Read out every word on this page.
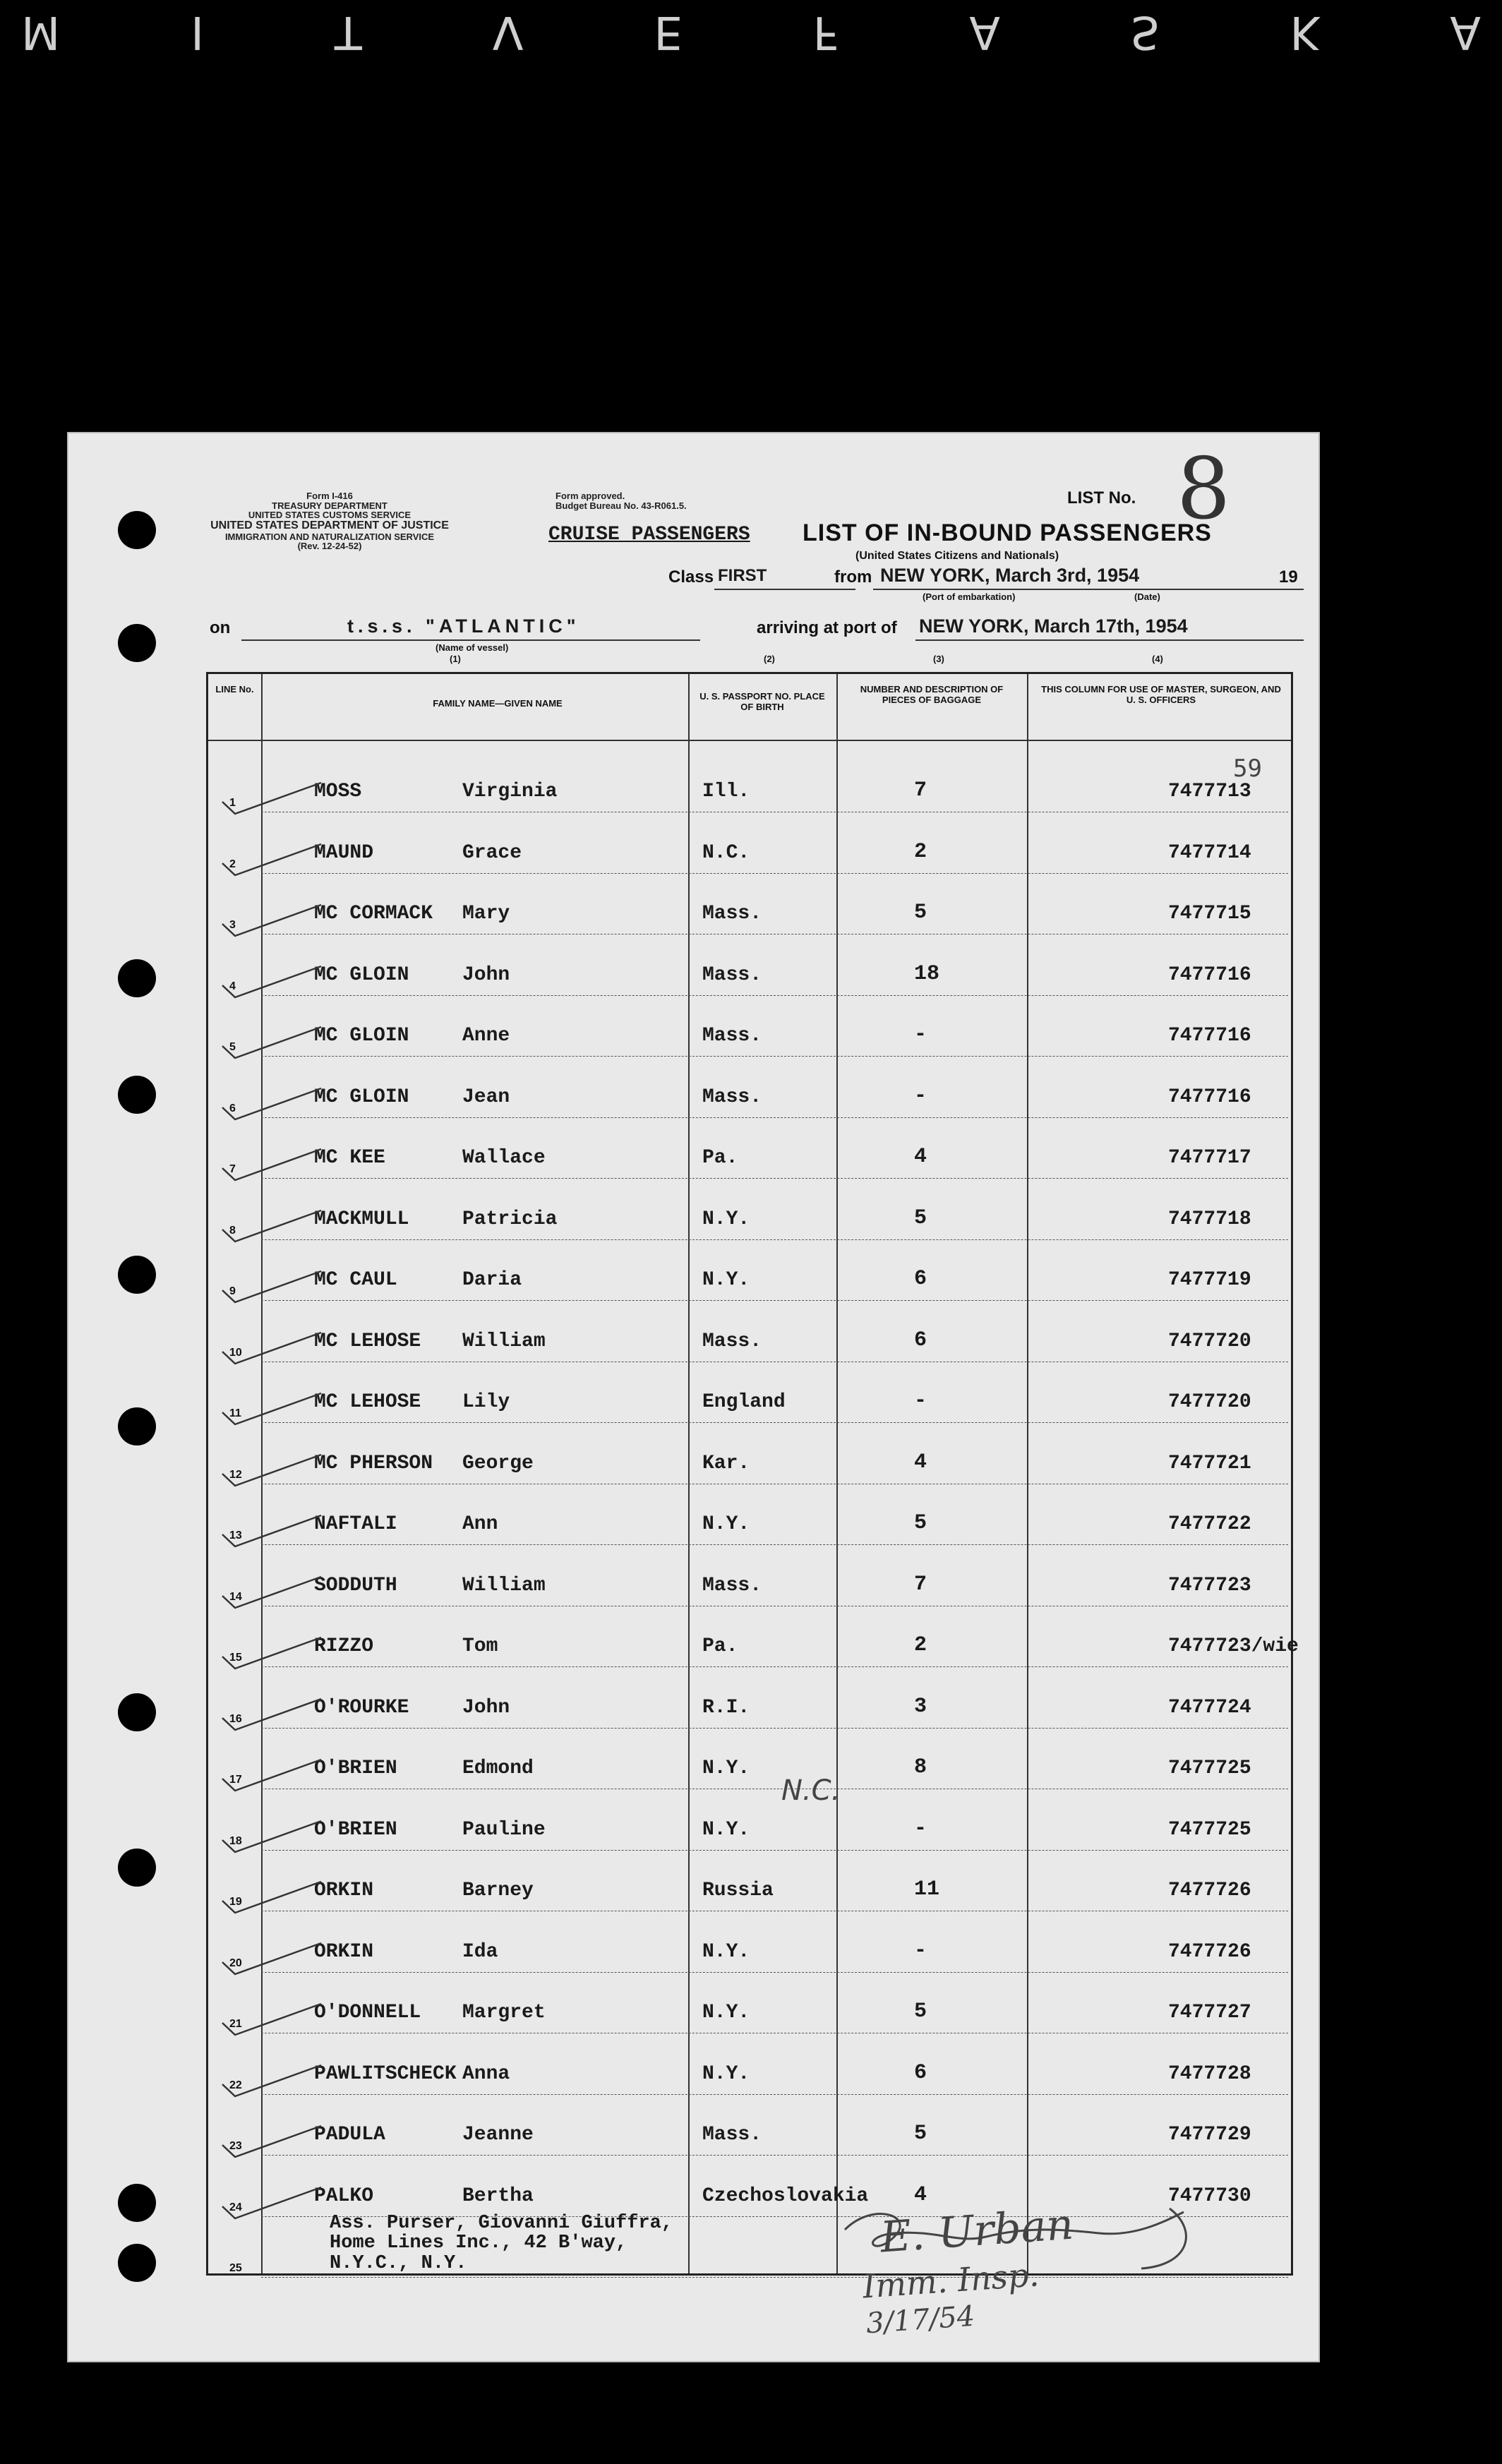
M	I	T	V	E	F	A	S	K	A
Form I-416
TREASURY DEPARTMENT
UNITED STATES CUSTOMS SERVICE
UNITED STATES DEPARTMENT OF JUSTICE
IMMIGRATION AND NATURALIZATION SERVICE
(Rev. 12-24-52)
Form approved.
Budget Bureau No. 43-R061.5.
CRUISE PASSENGERS LIST OF IN-BOUND PASSENGERS
(United States Citizens and Nationals)
LIST No. 8
Class FIRST	from NEW YORK, March 3rd, 1954	19
(Port of embarkation)	(Date)
on	t.s.s. "ATLANTIC"
(Name of vessel)
arriving at port of NEW YORK, March 17th, 1954
(1)	(2)	(3)	(4)
LINE No.
FAMILY NAME—GIVEN NAME
U. S. PASSPORT NO. PLACE OF BIRTH
NUMBER AND DESCRIPTION OF PIECES OF BAGGAGE
THIS COLUMN FOR USE OF MASTER, SURGEON, AND U. S. OFFICERS
1
MOSS	Virginia	Ill.	7	7477713
2
MAUND	Grace	N.C.	2	7477714
3
MC CORMACK Mary	Mass.	5	7477715
4
MC GLOIN	John	Mass.	18	7477716
5
MC GLOIN	Anne	Mass.	-	7477716
6
MC GLOIN	Jean	Mass.	-	7477716
7
MC KEE	Wallace	Pa.	4	7477717
8
MACKMULL	Patricia	N.Y.	5	7477718
9
MC CAUL	Daria	N.Y.	6	7477719
10
MC LEHOSE William	Mass.	6	7477720
11
MC LEHOSE Lily	England	-	7477720
12
MC PHERSON George	Kar.	4	7477721
13
NAFTALI	Ann	N.Y.	5	7477722
14
SODDUTH	William	Mass.	7	7477723
15
RIZZO	Tom	Pa.	2	7477723/wie
16
O'ROURKE	John	R.I.	3	7477724
17
O'BRIEN	Edmond	N.Y.	8	7477725
18
O'BRIEN	Pauline	N.Y.	-	7477725
19
ORKIN	Barney	Russia	11	7477726
20
ORKIN	Ida	N.Y.	-	7477726
21
O'DONNELL Margret	N.Y.	5	7477727
22
PAWLITSCHECK Anna	N.Y.	6	7477728
23
PADULA	Jeanne	Mass.	5	7477729
24
PALKO	Bertha	Czechoslovakia 4	7477730
25
59
N.C.
Ass. Purser, Giovanni Giuffra,
Home Lines Inc., 42 B'way,
N.Y.C., N.Y.
E. Urban
Imm. Insp.
3/17/54
